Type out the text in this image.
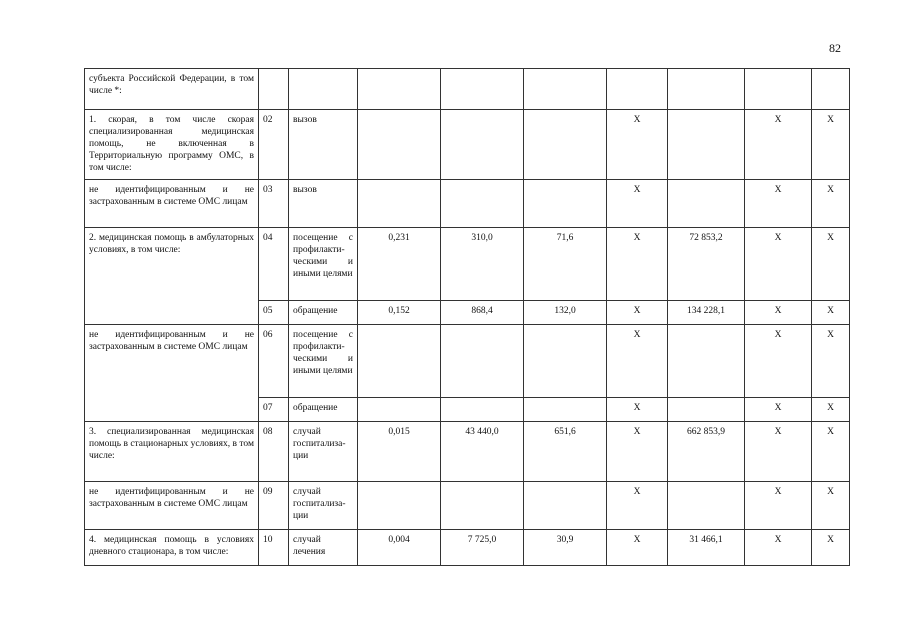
82
субъекта Российской Федерации, в том числе *:									
1. скорая, в том числе скорая специализированная медицинская помощь, не включенная в Территориальную программу ОМС, в том числе:	02	вызов				X		X	X
не идентифицированным и не застрахованным в системе ОМС лицам	03	вызов				X		X	X
2. медицинская помощь в амбулаторных условиях, в том числе:	04	посещение с профилакти-ческими и иными целями	0,231	310,0	71,6	X	72 853,2	X	X
	05	обращение	0,152	868,4	132,0	X	134 228,1	X	X
не идентифицированным и не застрахованным в системе ОМС лицам	06	посещение с профилакти-ческими и иными целями				X		X	X
	07	обращение				X		X	X
3. специализированная медицинская помощь в стационарных условиях, в том числе:	08	случай госпитализа-ции	0,015	43 440,0	651,6	X	662 853,9	X	X
не идентифицированным и не застрахованным в системе ОМС лицам	09	случай госпитализа-ции				X		X	X
4. медицинская помощь в условиях дневного стационара, в том числе:	10	случай лечения	0,004	7 725,0	30,9	X	31 466,1	X	X
